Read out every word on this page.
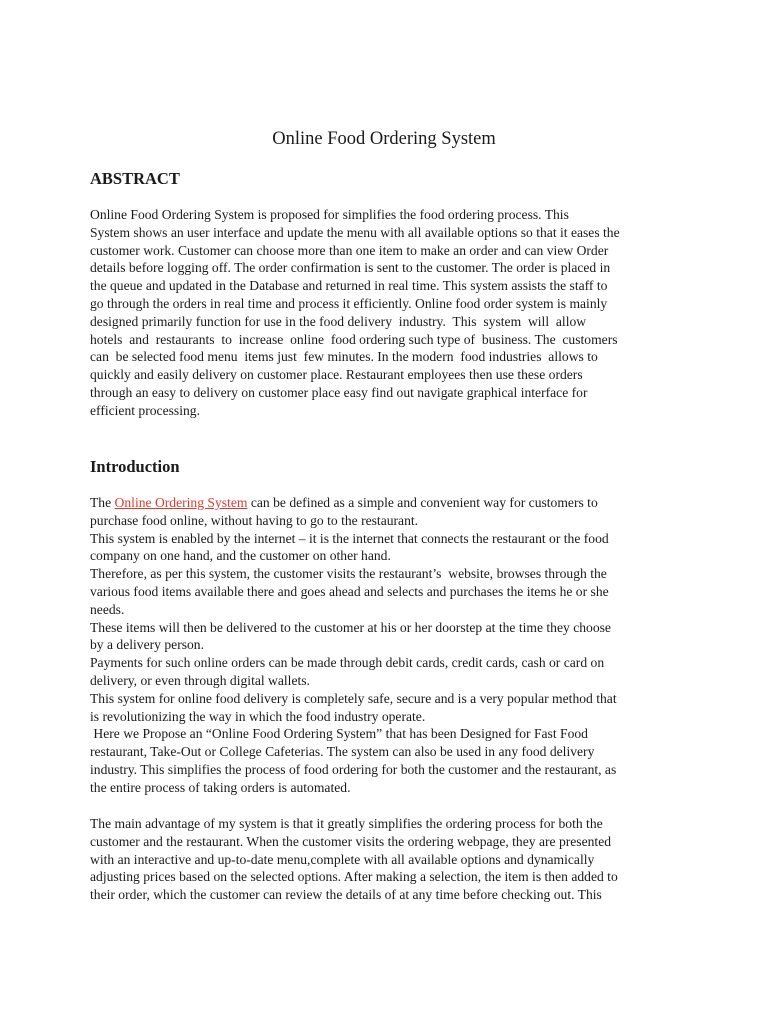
Online Food Ordering System
ABSTRACT
Online Food Ordering System is proposed for simplifies the food ordering process. This
System shows an user interface and update the menu with all available options so that it eases the
customer work. Customer can choose more than one item to make an order and can view Order
details before logging off. The order confirmation is sent to the customer. The order is placed in
the queue and updated in the Database and returned in real time. This system assists the staff to
go through the orders in real time and process it efficiently. Online food order system is mainly
designed primarily function for use in the food delivery  industry.  This  system  will  allow
hotels  and  restaurants  to  increase  online  food ordering such type of  business. The  customers
can  be selected food menu  items just  few minutes. In the modern  food industries  allows to
quickly and easily delivery on customer place. Restaurant employees then use these orders
through an easy to delivery on customer place easy find out navigate graphical interface for
efficient processing.
Introduction
The Online Ordering System can be defined as a simple and convenient way for customers to
purchase food online, without having to go to the restaurant.
This system is enabled by the internet – it is the internet that connects the restaurant or the food
company on one hand, and the customer on other hand.
Therefore, as per this system, the customer visits the restaurant’s  website, browses through the
various food items available there and goes ahead and selects and purchases the items he or she
needs.
These items will then be delivered to the customer at his or her doorstep at the time they choose
by a delivery person.
Payments for such online orders can be made through debit cards, credit cards, cash or card on
delivery, or even through digital wallets.
This system for online food delivery is completely safe, secure and is a very popular method that
is revolutionizing the way in which the food industry operate.
Here we Propose an “Online Food Ordering System” that has been Designed for Fast Food
restaurant, Take-Out or College Cafeterias. The system can also be used in any food delivery
industry. This simplifies the process of food ordering for both the customer and the restaurant, as
the entire process of taking orders is automated.
The main advantage of my system is that it greatly simplifies the ordering process for both the
customer and the restaurant. When the customer visits the ordering webpage, they are presented
with an interactive and up-to-date menu,complete with all available options and dynamically
adjusting prices based on the selected options. After making a selection, the item is then added to
their order, which the customer can review the details of at any time before checking out. This
